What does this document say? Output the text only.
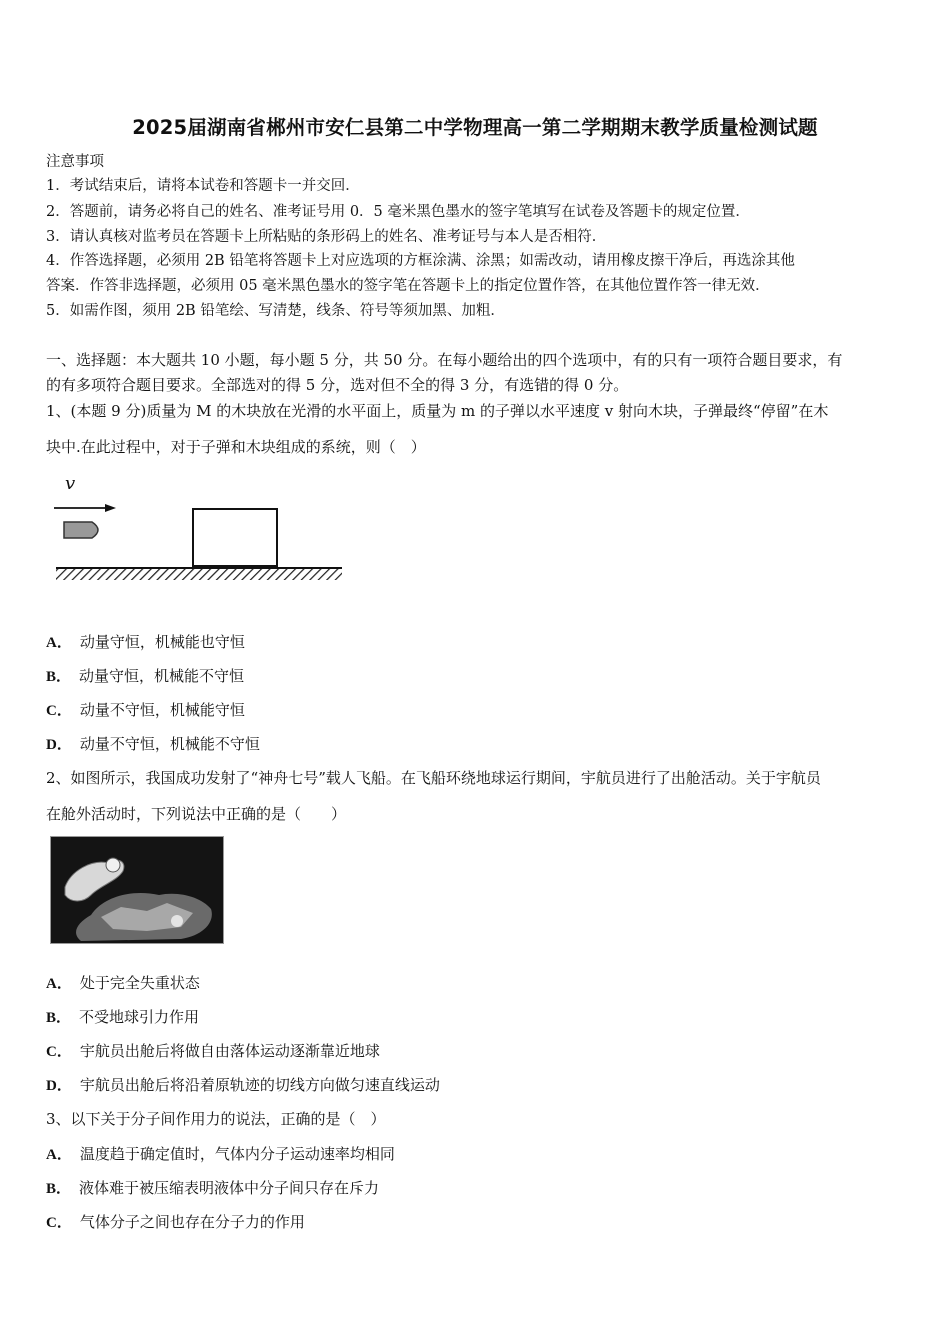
2025届湖南省郴州市安仁县第二中学物理高一第二学期期末教学质量检测试题
注意事项
1．考试结束后，请将本试卷和答题卡一并交回．
2．答题前，请务必将自己的姓名、准考证号用 0．5 毫米黑色墨水的签字笔填写在试卷及答题卡的规定位置．
3．请认真核对监考员在答题卡上所粘贴的条形码上的姓名、准考证号与本人是否相符．
4．作答选择题，必须用 2B 铅笔将答题卡上对应选项的方框涂满、涂黑；如需改动，请用橡皮擦干净后，再选涂其他
答案．作答非选择题，必须用 05 毫米黑色墨水的签字笔在答题卡上的指定位置作答，在其他位置作答一律无效．
5．如需作图，须用 2B 铅笔绘、写清楚，线条、符号等须加黑、加粗．
一、选择题：本大题共 10 小题，每小题 5 分，共 50 分。在每小题给出的四个选项中，有的只有一项符合题目要求，有
的有多项符合题目要求。全部选对的得 5 分，选对但不全的得 3 分，有选错的得 0 分。
1、(本题 9 分)质量为 M 的木块放在光滑的水平面上，质量为 m 的子弹以水平速度 v 射向木块，子弹最终“停留”在木
块中.在此过程中，对于子弹和木块组成的系统，则（　）
v
A． 动量守恒，机械能也守恒
B． 动量守恒，机械能不守恒
C． 动量不守恒，机械能守恒
D． 动量不守恒，机械能不守恒
2、如图所示，我国成功发射了“神舟七号”载人飞船。在飞船环绕地球运行期间，宇航员进行了出舱活动。关于宇航员
在舱外活动时，下列说法中正确的是（　　）
A． 处于完全失重状态
B． 不受地球引力作用
C． 宇航员出舱后将做自由落体运动逐渐靠近地球
D． 宇航员出舱后将沿着原轨迹的切线方向做匀速直线运动
3、以下关于分子间作用力的说法，正确的是（　）
A． 温度趋于确定值时，气体内分子运动速率均相同
B． 液体难于被压缩表明液体中分子间只存在斥力
C． 气体分子之间也存在分子力的作用
